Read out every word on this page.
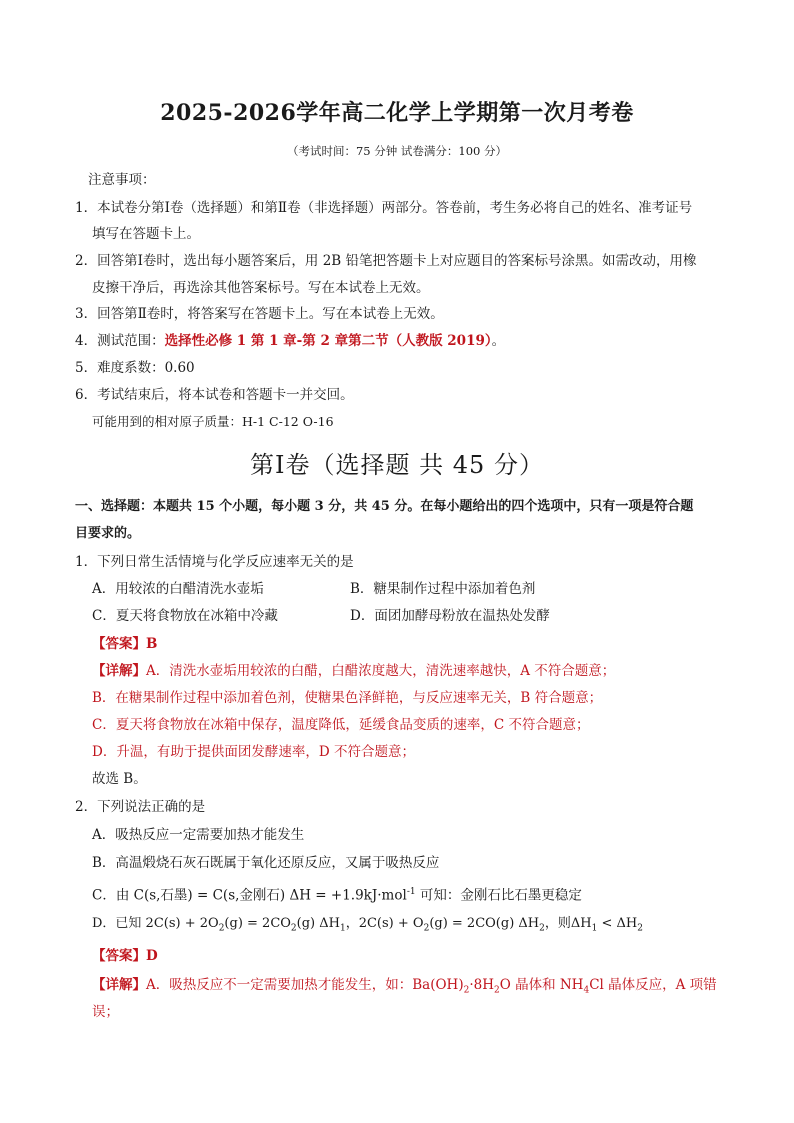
2025-2026学年高二化学上学期第一次月考卷
（考试时间：75 分钟 试卷满分：100 分）
注意事项：
1．本试卷分第Ⅰ卷（选择题）和第Ⅱ卷（非选择题）两部分。答卷前，考生务必将自己的姓名、准考证号
填写在答题卡上。
2．回答第Ⅰ卷时，选出每小题答案后，用 2B 铅笔把答题卡上对应题目的答案标号涂黑。如需改动，用橡
皮擦干净后，再选涂其他答案标号。写在本试卷上无效。
3．回答第Ⅱ卷时，将答案写在答题卡上。写在本试卷上无效。
4．测试范围：选择性必修 1 第 1 章-第 2 章第二节（人教版 2019）。
5．难度系数：0.60
6．考试结束后，将本试卷和答题卡一并交回。
可能用到的相对原子质量：H-1 C-12 O-16
第Ⅰ卷（选择题 共 45 分）
一、选择题：本题共 15 个小题，每小题 3 分，共 45 分。在每小题给出的四个选项中，只有一项是符合题
目要求的。
1．下列日常生活情境与化学反应速率无关的是
A．用较浓的白醋清洗水壶垢	B．糖果制作过程中添加着色剂
C．夏天将食物放在冰箱中冷藏	D．面团加酵母粉放在温热处发酵
【答案】B
【详解】A．清洗水壶垢用较浓的白醋，白醋浓度越大，清洗速率越快，A 不符合题意；
B．在糖果制作过程中添加着色剂，使糖果色泽鲜艳，与反应速率无关，B 符合题意；
C．夏天将食物放在冰箱中保存，温度降低，延缓食品变质的速率，C 不符合题意；
D．升温，有助于提供面团发酵速率，D 不符合题意；
故选 B。
2．下列说法正确的是
A．吸热反应一定需要加热才能发生
B．高温煅烧石灰石既属于氧化还原反应，又属于吸热反应
C．由 C(s,石墨) = C(s,金刚石) ΔH = +1.9kJ·mol$^{-1}$ 可知：金刚石比石墨更稳定
D．已知 $2C(s) + 2O_2(g) = 2CO_2(g)$ $\Delta H_1$，$2C(s) + O_2(g) = 2CO(g)$ $\Delta H_2$，则$\Delta H_1 < \Delta H_2$
【答案】D
【详解】A．吸热反应不一定需要加热才能发生，如：$Ba(OH)_2\cdot 8H_2O$ 晶体和 $NH_4Cl$ 晶体反应，A 项错
误；
